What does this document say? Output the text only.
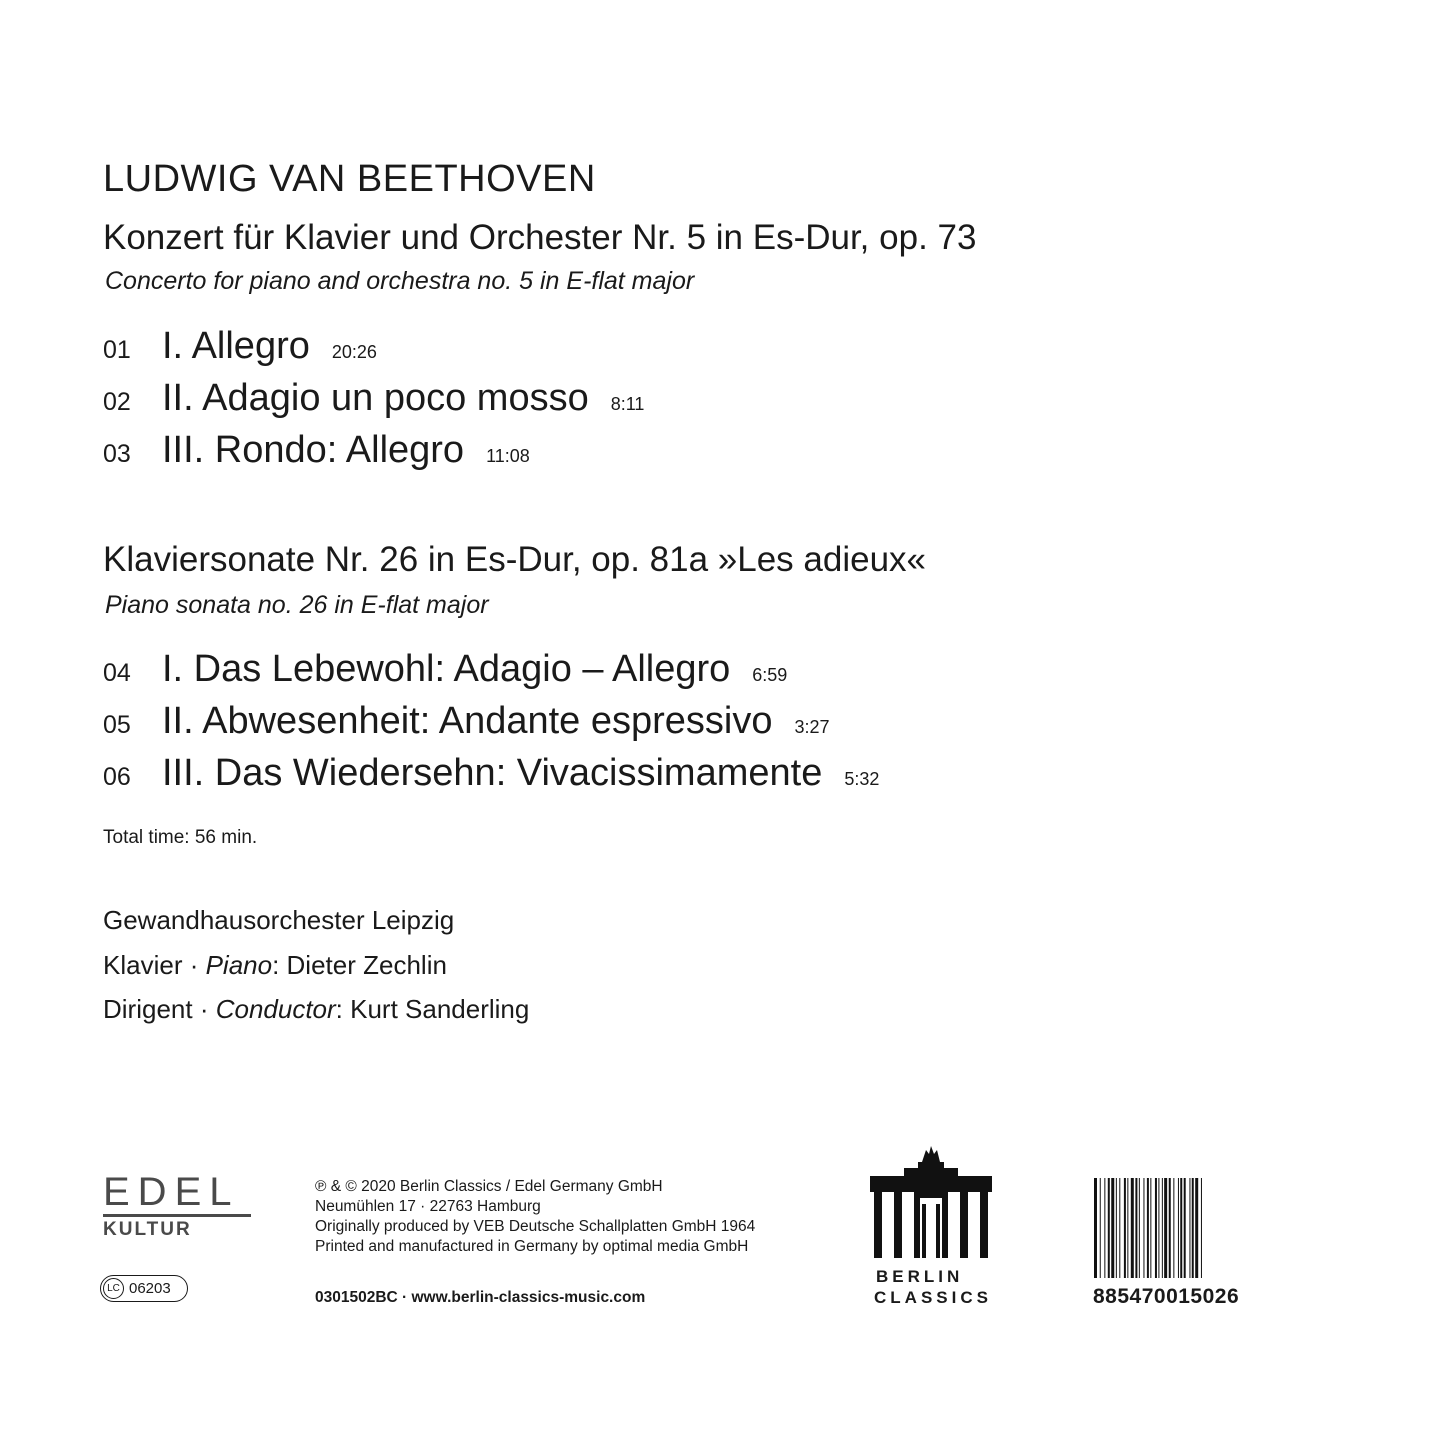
LUDWIG VAN BEETHOVEN
Konzert für Klavier und Orchester Nr. 5 in Es-Dur, op. 73
Concerto for piano and orchestra no. 5 in E-flat major
01 I. Allegro 20:26
02 II. Adagio un poco mosso 8:11
03 III. Rondo: Allegro 11:08
Klaviersonate Nr. 26 in Es-Dur, op. 81a »Les adieux«
Piano sonata no. 26 in E-flat major
04 I. Das Lebewohl: Adagio – Allegro 6:59
05 II. Abwesenheit: Andante espressivo 3:27
06 III. Das Wiedersehn: Vivacissimamente 5:32
Total time: 56 min.
Gewandhausorchester Leipzig
Klavier · Piano: Dieter Zechlin
Dirigent · Conductor: Kurt Sanderling
EDEL
KULTUR
LC 06203
℗ & © 2020 Berlin Classics / Edel Germany GmbH
Neumühlen 17 · 22763 Hamburg
Originally produced by VEB Deutsche Schallplatten GmbH 1964
Printed and manufactured in Germany by optimal media GmbH
0301502BC · www.berlin-classics-music.com
BERLIN
CLASSICS	885470015026
